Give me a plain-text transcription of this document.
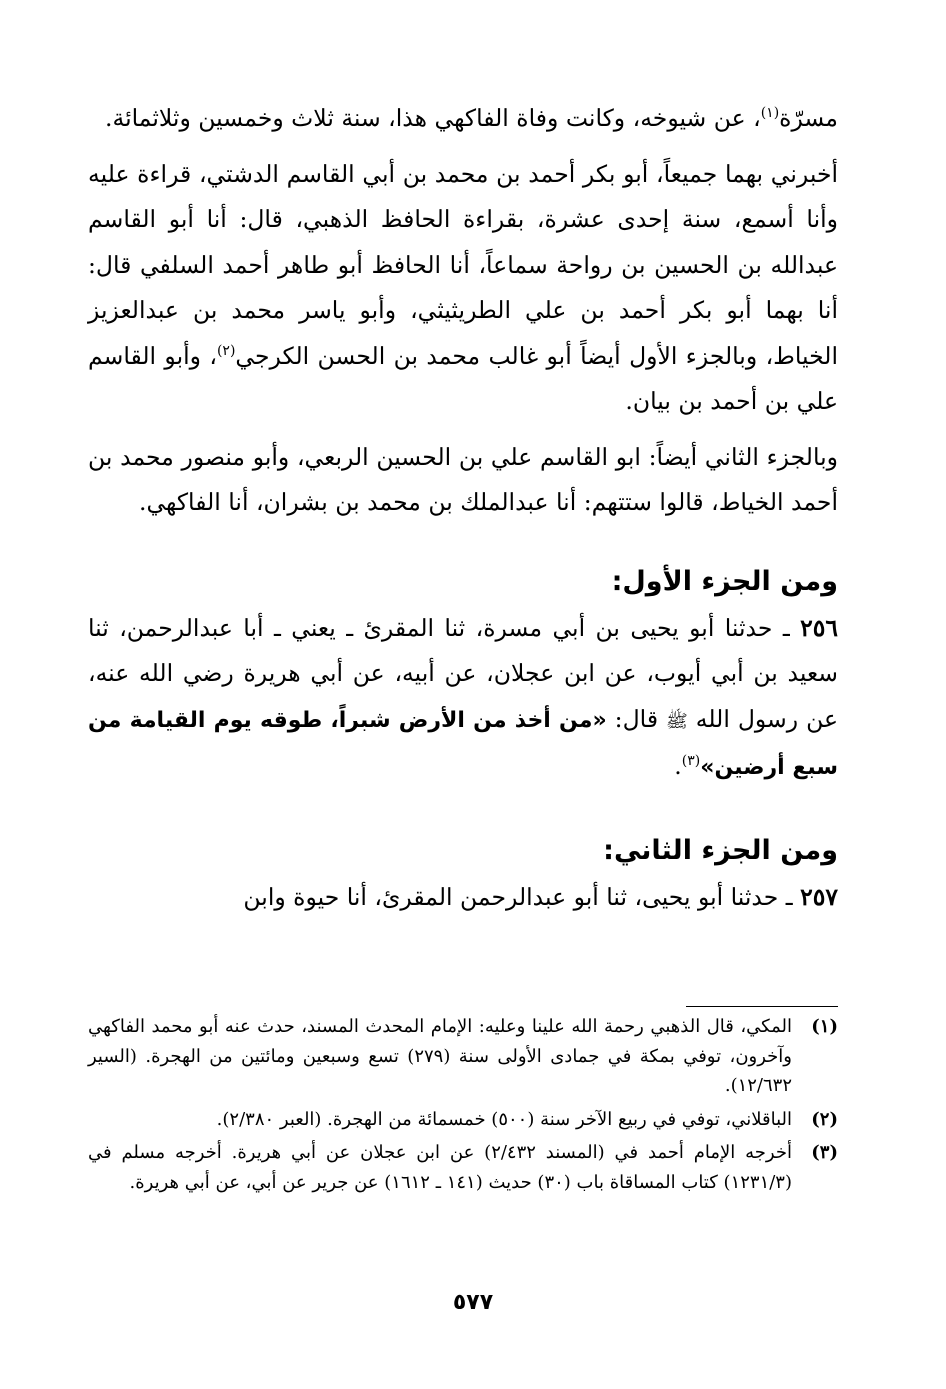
مسرّة$^{(١)}$، عن شيوخه، وكانت وفاة الفاكهي هذا، سنة ثلاث وخمسين وثلاثمائة.

أخبرني بهما جميعاً، أبو بكر أحمد بن محمد بن أبي القاسم الدشتي، قراءة عليه وأنا أسمع، سنة إحدى عشرة، بقراءة الحافظ الذهبي، قال: أنا أبو القاسم عبدالله بن الحسين بن رواحة سماعاً، أنا الحافظ أبو طاهر أحمد السلفي قال: أنا بهما أبو بكر أحمد بن علي الطريثيثي، وأبو ياسر محمد بن عبدالعزيز الخياط، وبالجزء الأول أيضاً أبو غالب محمد بن الحسن الكرجي$^{(٢)}$، وأبو القاسم علي بن أحمد بن بيان.

وبالجزء الثاني أيضاً: ابو القاسم علي بن الحسين الربعي، وأبو منصور محمد بن أحمد الخياط، قالوا ستتهم: أنا عبدالملك بن محمد بن بشران، أنا الفاكهي.

ومن الجزء الأول:

٢٥٦ ـ حدثنا أبو يحيى بن أبي مسرة، ثنا المقرئ ـ يعني ـ أبا عبدالرحمن، ثنا سعيد بن أبي أيوب، عن ابن عجلان، عن أبيه، عن أبي هريرة رضي الله عنه، عن رسول الله ﷺ قال: «من أخذ من الأرض شبراً، طوقه يوم القيامة من سبع أرضين»$^{(٣)}$.

ومن الجزء الثاني:

٢٥٧ ـ حدثنا أبو يحيى، ثنا أبو عبدالرحمن المقرئ، أنا حيوة وابن

(١)
المكي، قال الذهبي رحمة الله علينا وعليه: الإمام المحدث المسند، حدث عنه أبو محمد الفاكهي وآخرون، توفي بمكة في جمادى الأولى سنة (٢٧٩) تسع وسبعين ومائتين من الهجرة. (السير ١٢/٦٣٢).
(٢)
الباقلاني، توفي في ربيع الآخر سنة (٥٠٠) خمسمائة من الهجرة. (العبر ٢/٣٨٠).
(٣)
أخرجه الإمام أحمد في (المسند ٢/٤٣٢) عن ابن عجلان عن أبي هريرة. أخرجه مسلم في (١٢٣١/٣) كتاب المساقاة باب (٣٠) حديث (١٤١ ـ ١٦١٢) عن جرير عن أبي، عن أبي هريرة.
٥٧٧
